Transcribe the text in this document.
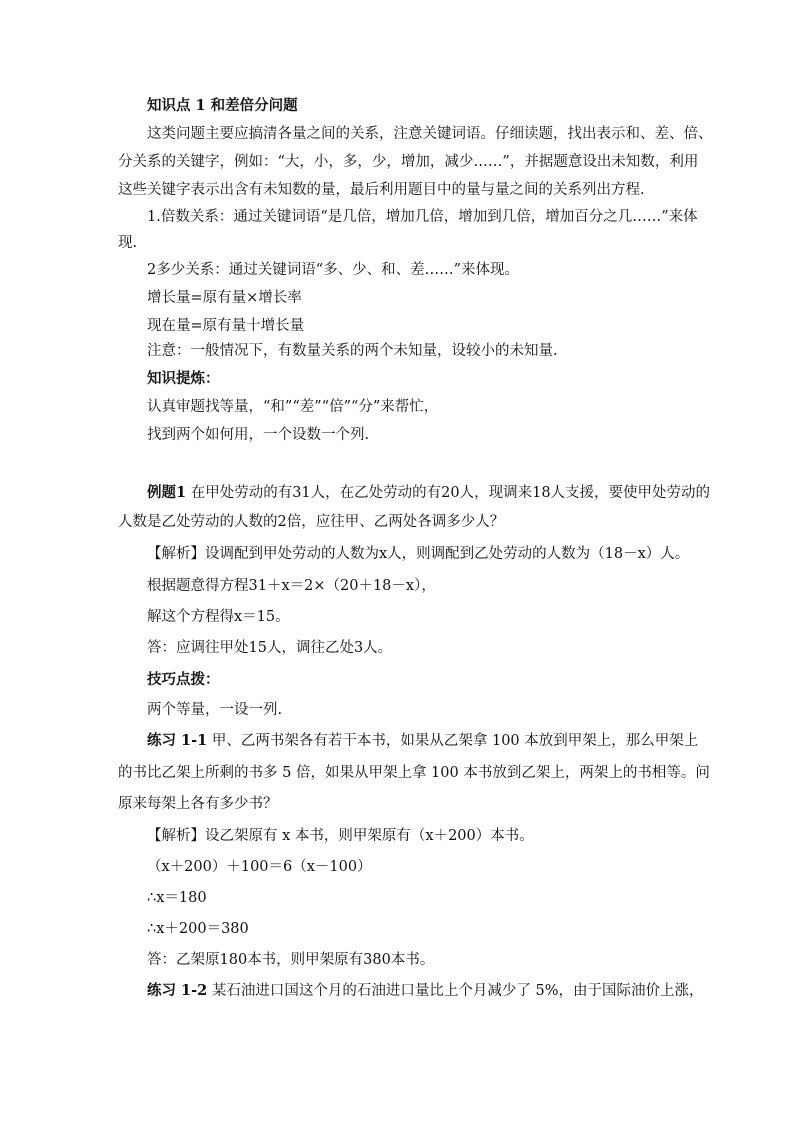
知识点 1 和差倍分问题
这类问题主要应搞清各量之间的关系，注意关键词语。仔细读题，找出表示和、差、倍、
分关系的关键字，例如：“大，小，多，少，增加，减少……”，并据题意设出未知数，利用
这些关键字表示出含有未知数的量，最后利用题目中的量与量之间的关系列出方程.
1.倍数关系：通过关键词语“是几倍，增加几倍，增加到几倍，增加百分之几……”来体
现.
2多少关系：通过关键词语“多、少、和、差……”来体现。
增长量=原有量×增长率
现在量=原有量十增长量
注意：一般情况下，有数量关系的两个未知量，设较小的未知量.
知识提炼：
认真审题找等量，“和”“差”“倍”“分”来帮忙，
找到两个如何用，一个设数一个列.
例题1 在甲处劳动的有31人，在乙处劳动的有20人，现调来18人支援，要使甲处劳动的
人数是乙处劳动的人数的2倍，应往甲、乙两处各调多少人？
【解析】设调配到甲处劳动的人数为x人，则调配到乙处劳动的人数为（18－x）人。
根据题意得方程31＋x＝2×（20＋18－x），
解这个方程得x＝15。
答：应调往甲处15人，调往乙处3人。
技巧点拨：
两个等量，一设一列.
练习 1-1 甲、乙两书架各有若干本书，如果从乙架拿 100 本放到甲架上，那么甲架上
的书比乙架上所剩的书多 5 倍，如果从甲架上拿 100 本书放到乙架上，两架上的书相等。问
原来每架上各有多少书？
【解析】设乙架原有 x 本书，则甲架原有（x＋200）本书。
（x＋200）＋100＝6（x－100）
∴x＝180
∴x＋200＝380
答：乙架原180本书，则甲架原有380本书。
练习 1-2 某石油进口国这个月的石油进口量比上个月减少了 5%，由于国际油价上涨，
